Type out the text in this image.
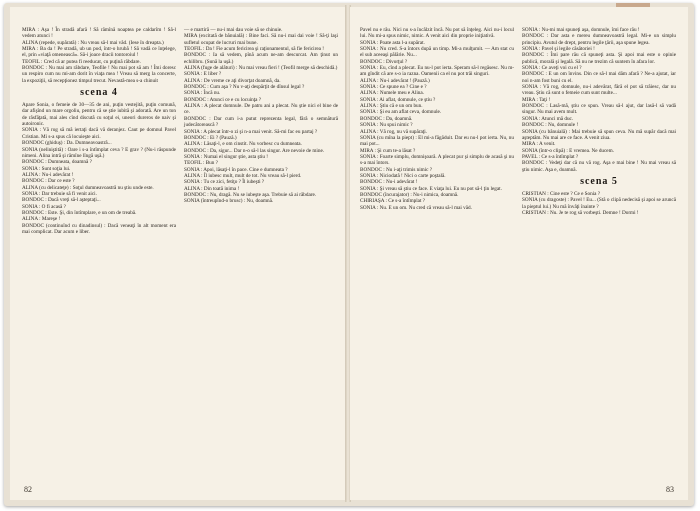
MIRA : Aşa ! În stradă afară ! Să rămînă noaptea pe caldarîm ! Să-l vedem atunci !

ALINA (repede, supărată) : Nu vreau să-l mai văd. (Iese în dreapta.)

MIRA : Ba da ! Pe stradă, ub un pod, într-o hrubă ! Să vadă ce înţelege, el, prin «viaţă omenească». Să-i joace dracii tontoroiul !

TEOFIL : Cred că ar putea fi reeducat, cu puţină răbdare.

BONDOC : Nu mai am răbdare, Teofile ! Nu mai pot să am ! Îmi doresc un respiro cum nu mi-am dorit în viaţa mea ! Vreau să merg la concerte, la expoziţii, să recepţionez timpul trecut. Nevastă-mea s-a chinuit

scena 4

Apare Sonia, o femeie de 30—35 de ani, puţin vestejită, puţin comună, dar afişînd un mare orgoliu, pentru că se ştie iubită şi adorată. Are un ton de răsfăţată, mai ales cînd discută cu soţul ei, uneori dureros de naiv şi autoironic.

SONIA : Vă rog să mă iertaţi dacă vă deranjez. Caut pe domnul Pavel Cristian. Mi s-a spus că locuieşte aici.

BONDOC (ghiduş) : Da. Dumneavoastră...

SONIA (neliniştită) : Oare i s-a întîmplat ceva ? E grav ? (Nu-i răspunde nimeni. Alina intră şi rămîne lîngă uşă.)

BONDOC : Dumneata, doamnă ?

SONIA : Sunt soţia lui.

ALINA : Nu-i adevărat !

BONDOC : Dar ce este ?

ALINA (cu delicateţe) : Soţul dumneavoastră nu ştiu unde este.

SONIA : Dar trebuie să fi venit aici.

BONDOC : Dacă vreţi să-l aşteptaţi...

SONIA : O fi acasă ?

BONDOC : Este. Şi, din întîmplare, e un om de treabă.

ALINA : Mareşe !

BONDOC (continuînd cu dinadinsul) : Dacă veneaţi în alt moment era mai complicat. Dar acum e liber.

— e martiră — nu-i mai dau voie să se chinuie.

MIRA (excitată de bănuială) : Bine faci. Să nu-i mai dai voie ! Să-ţi laşi sufletul ocupat de lucruri mai bune.

TEOFIL : Da ! Fie acum fericirea şi raţionamentul, să fie fericirea !

BONDOC : Ia să vedem, pînă acum ne-am descurcat. Am ţinut un echilibru. (Sună la uşă.)

ALINA (fuge de alături) : Nu mai vreau fieri ! (Teofil merge să deschidă.)

SONIA : E liber ?

ALINA : De vreme ce aţi divorţat doamnă, da.

BONDOC : Cum aşa ? Nu v-aţi despărţit de dînsul legal ?

SONIA : Încă nu.

BONDOC : Atunci ce e cu locuinţa ?

ALINA : A plecat domnule. De patru ani a plecat. Nu ştie nici el bine de ce.

BONDOC : Dar cum i-a putut reprezenta legal, fără o semnătură judecătorească ?

SONIA : A plecat într-o zi şi n-a mai venit. Să-mi fac eu partaj ?

BONDOC : Ei ? (Pauză.)

ALINA : Lăsaţi-l, e om cinstit. Nu vorbesc cu dumneata.

BONDOC : Da, sigur... Dar n-o să-l las singur. Are nevoie de mine.

SONIA : Numai el singur ştie, asta ştiu !

TEOFIL : Bun ?

SONIA : Apoi, lăsaţi-l în pace. Cine e dumneata ?

ALINA : Îl iubesc mult, mult de tot. Nu vreau să-l pierd.

SONIA : Tu ce zici, fetiţo ? Îl iubeşti ?

ALINA : Din toată inima !

BONDOC : Nu, dragă. Nu se iubeşte aşa. Trebuie să ai răbdare.

SONIA (întreupînd-o brusc) : Nu, doamnă.

82

Pavel nu e rău. Nici nu s-a încălzit încă. Nu pot să înţeleg. Aici nu-i locul lui. Nu mi-a spus nimic, nimic. A venit aici din proprie iniţiativă.

SONIA : Poate asta l-a supărat.

SONIA : Nu cred. S-a întors după un timp. Mi-a mulţumit. — Am stat cu el sub aceeaşi pălărie. Nu...

BONDOC : Divorţul ?

SONIA : Eu, cînd a plecat. Eu nu-l pot ierta. Speram să-l regăsesc. Nu m-am gîndit că are s-o ia razna. Oamenii ca el nu pot trăi singuri.

ALINA : Nu-i adevărat ! (Pauză.)

SONIA : Ce spune ea ? Cine e ?

ALINA : Numele meu e Alina.

SONIA : Ai aflat, domnule, ce ştiu ?

ALINA : Ştiu că e un om bun.

SONIA : Şi eu am aflat ceva, domnule.

BONDOC : Da, doamnă.

SONIA : Nu spui nimic ?

ALINA : Vă rog, nu vă supăraţi.

SONIA (cu mîna la piept) : El mi-a făgăduit. Dar eu nu-l pot ierta. Nu, nu mai pot...

MIRA : Şi cum te-a lăsat ?

SONIA : Foarte simplu, domnişoară. A plecat pur şi simplu de acasă şi nu s-a mai întors.

BONDOC : Nu i-aţi trimis nimic ?

SONIA : Niciodată ! Nici o carte poştală.

BONDOC : Nu-i adevărat !

SONIA : Şi vreau să ştiu ce face. E viaţa lui. Eu nu pot să-l ţin legat.

BONDOC (încurajator) : Nu-i nimica, doamnă.

CHIRIAŞA : Ce s-a întîmplat ?

SONIA : Nu. E un om. Nu cred că vreau să-l mai văd.

SONIA : Nu-mi mai spuneţi aşa, domnule, îmi face rău !

BONDOC : Dar asta e mereu dumneavoastră legal. Mi-e un simplu principiu. Avutul de drept, pentru legile ţării, aşa spune legea.

SONIA : Pavel şi legile căsătoriei !

BONDOC : Îmi pare rău că spuneţi asta. Şi apoi mai este o opinie publică, morală şi legală. Să nu ne trezim că suntem în afara lor.

SONIA : Ce aveţi voi cu el ?

BONDOC : E un om învins. Din ce să-l mai dăm afară ? Ne-a ajutat, iar noi n-am fost buni cu el.

SONIA : Vă rog, domnule, nu-i adevărat, fără el pot să trăiesc, dar nu vreau. Ştiu că sunt o femeie cum sunt multe...

MIRA : Taţi !

BONDOC : Lasă-mă, ştiu ce spun. Vreau să-l ajut, dar lasă-l să vadă singur. Nu mai avem mult.

SONIA : Atunci mă duc.

BONDOC : Nu, domnule !

SONIA (cu bănuială) : Mai trebuie să spun ceva. Nu mă supăr dacă mai aşteptăm. Nu mai are ce face. A venit ziua.

MIRA : A venit.

SONIA (într-o clipă) : E vremea. Ne ducem.

PAVEL : Ce s-a întîmplat ?

BONDOC : Vedeţi dar că nu vă rog. Aşa e mai bine ! Nu mai vreau să ştiu nimic. Aşa e, doamnă.

scena 5

CRISTIAN : Cine este ? Ce e Sonia ?

SONIA (cu dragoste) : Pavel ! Eu... (Stă o clipă nedecisă şi apoi se aruncă la pieptul lui.) Nu mă învăţi înainte ?

CRISTIAN : Nu. Je te rog să vorbeşti. Demne ! Dormi !

83
